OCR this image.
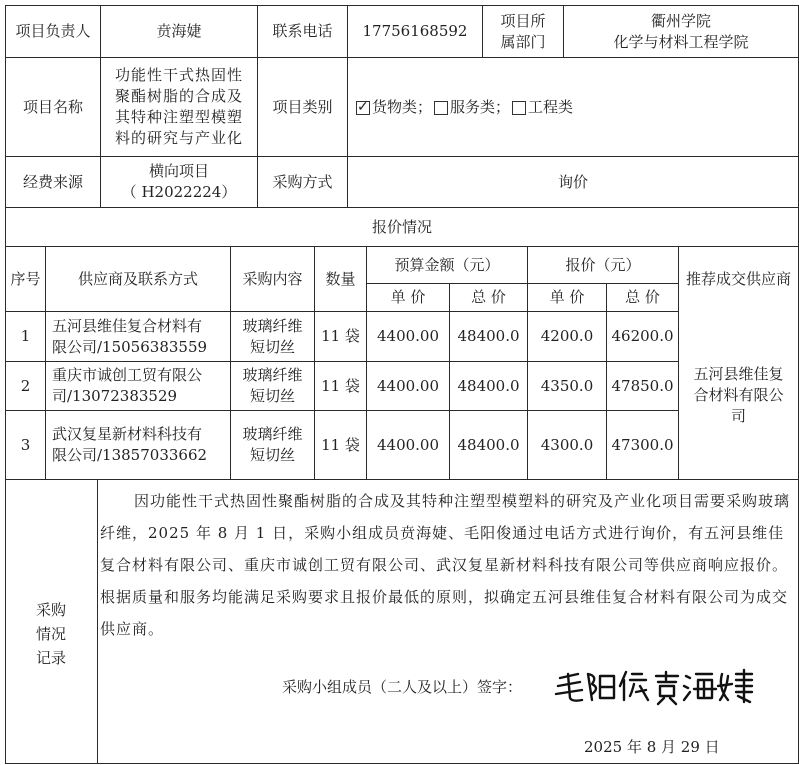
项目负责人	贲海婕	联系电话	17756168592
项目所
属部门
衢州学院
化学与材料工程学院
项目名称
功能性干式热固性
聚酯树脂的合成及
其特种注塑型模塑
料的研究与产业化
项目类别
✓	货物类； 服务类； 工程类
经费来源
横向项目
（ H2022224）
采购方式	询价
报价情况
序号	供应商及联系方式	采购内容	数量
预算金额（元）	报价（元）
推荐成交供应商
单 价	总 价	单 价	总 价
1
五河县维佳复合材料有
限公司/15056383559
玻璃纤维
短切丝
11 袋	4400.00	48400.0	4200.0	46200.0
2
重庆市诚创工贸有限公
司/13072383529
玻璃纤维
短切丝
11 袋	4400.00	48400.0	4350.0	47850.0
3
武汉复星新材料科技有
限公司/13857033662
玻璃纤维
短切丝
11 袋	4400.00	48400.0	4300.0	47300.0
五河县维佳复
合材料有限公
司
采购
情况
记录
因功能性干式热固性聚酯树脂的合成及其特种注塑型模塑料的研究及产业化项目需要采购玻璃纤维，2025 年 8 月 1 日，采购小组成员贲海婕、毛阳俊通过电话方式进行询价，有五河县维佳复合材料有限公司、重庆市诚创工贸有限公司、武汉复星新材料科技有限公司等供应商响应报价。根据质量和服务均能满足采购要求且报价最低的原则，拟确定五河县维佳复合材料有限公司为成交供应商。
采购小组成员（二人及以上）签字：
2025 年 8 月 29 日
